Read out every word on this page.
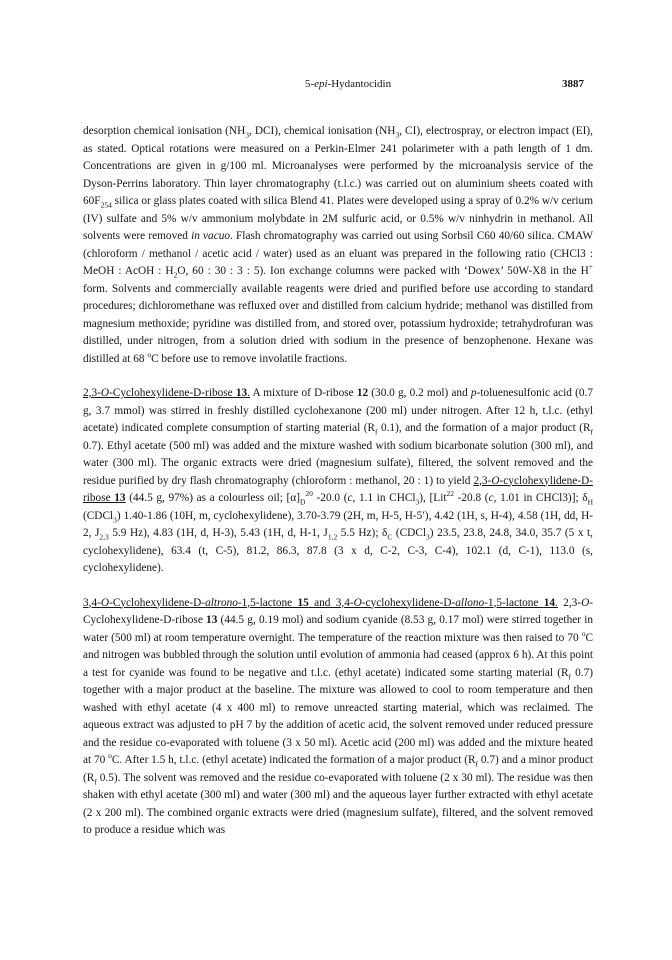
5-epi-Hydantocidin	3887

desorption chemical ionisation ($NH_3$, DCI), chemical ionisation ($NH_3$, CI), electrospray, or electron impact (EI), as stated. Optical rotations were measured on a Perkin-Elmer 241 polarimeter with a path length of 1 dm. Concentrations are given in g/100 ml. Microanalyses were performed by the microanalysis service of the Dyson-Perrins laboratory. Thin layer chromatography (t.l.c.) was carried out on aluminium sheets coated with $60F_{254}$ silica or glass plates coated with silica Blend 41. Plates were developed using a spray of 0.2% w/v cerium (IV) sulfate and 5% w/v ammonium molybdate in 2M sulfuric acid, or 0.5% w/v ninhydrin in methanol. All solvents were removed in vacuo. Flash chromatography was carried out using Sorbsil C60 40/60 silica. CMAW (chloroform / methanol / acetic acid / water) used as an eluant was prepared in the following ratio (CHCl3 : MeOH : AcOH : $H_2O$, 60 : 30 : 3 : 5). Ion exchange columns were packed with ‘Dowex’ 50W-X8 in the H+ form. Solvents and commercially available reagents were dried and purified before use according to standard procedures; dichloromethane was refluxed over and distilled from calcium hydride; methanol was distilled from magnesium methoxide; pyridine was distilled from, and stored over, potassium hydroxide; tetrahydrofuran was distilled, under nitrogen, from a solution dried with sodium in the presence of benzophenone. Hexane was distilled at 68 $^o$C before use to remove involatile fractions.

2,3-O-Cyclohexylidene-D-ribose 13. A mixture of D-ribose 12 (30.0 g, 0.2 mol) and p-toluenesulfonic acid (0.7 g, 3.7 mmol) was stirred in freshly distilled cyclohexanone (200 ml) under nitrogen. After 12 h, t.l.c. (ethyl acetate) indicated complete consumption of starting material ($R_f$ 0.1), and the formation of a major product ($R_f$ 0.7). Ethyl acetate (500 ml) was added and the mixture washed with sodium bicarbonate solution (300 ml), and water (300 ml). The organic extracts were dried (magnesium sulfate), filtered, the solvent removed and the residue purified by dry flash chromatography (chloroform : methanol, 20 : 1) to yield 2,3-O-cyclohexylidene-D-ribose 13 (44.5 g, 97%) as a colourless oil; $[\alpha]_D^{20}$ -20.0 (c, 1.1 in CHCl$_3$), [Lit$^{22}$ -20.8 (c, 1.01 in CHCl3)]; $\delta_H$ (CDCl$_3$) 1.40-1.86 (10H, m, cyclohexylidene), 3.70-3.79 (2H, m, H-5, H-5′), 4.42 (1H, s, H-4), 4.58 (1H, dd, H-2, $J_{2,3}$ 5.9 Hz), 4.83 (1H, d, H-3), 5.43 (1H, d, H-1, $J_{1,2}$ 5.5 Hz); $\delta_C$ (CDCl$_3$) 23.5, 23.8, 24.8, 34.0, 35.7 (5 x t, cyclohexylidene), 63.4 (t, C-5), 81.2, 86.3, 87.8 (3 x d, C-2, C-3, C-4), 102.1 (d, C-1), 113.0 (s, cyclohexylidene).

3,4-O-Cyclohexylidene-D-altrono-1,5-lactone 15 and 3,4-O-cyclohexylidene-D-allono-1,5-lactone 14. 2,3-O-Cyclohexylidene-D-ribose 13 (44.5 g, 0.19 mol) and sodium cyanide (8.53 g, 0.17 mol) were stirred together in water (500 ml) at room temperature overnight. The temperature of the reaction mixture was then raised to 70 $^o$C and nitrogen was bubbled through the solution until evolution of ammonia had ceased (approx 6 h). At this point a test for cyanide was found to be negative and t.l.c. (ethyl acetate) indicated some starting material ($R_f$ 0.7) together with a major product at the baseline. The mixture was allowed to cool to room temperature and then washed with ethyl acetate (4 x 400 ml) to remove unreacted starting material, which was reclaimed. The aqueous extract was adjusted to pH 7 by the addition of acetic acid, the solvent removed under reduced pressure and the residue co-evaporated with toluene (3 x 50 ml). Acetic acid (200 ml) was added and the mixture heated at 70 $^o$C. After 1.5 h, t.l.c. (ethyl acetate) indicated the formation of a major product ($R_f$ 0.7) and a minor product ($R_f$ 0.5). The solvent was removed and the residue co-evaporated with toluene (2 x 30 ml). The residue was then shaken with ethyl acetate (300 ml) and water (300 ml) and the aqueous layer further extracted with ethyl acetate (2 x 200 ml). The combined organic extracts were dried (magnesium sulfate), filtered, and the solvent removed to produce a residue which was
